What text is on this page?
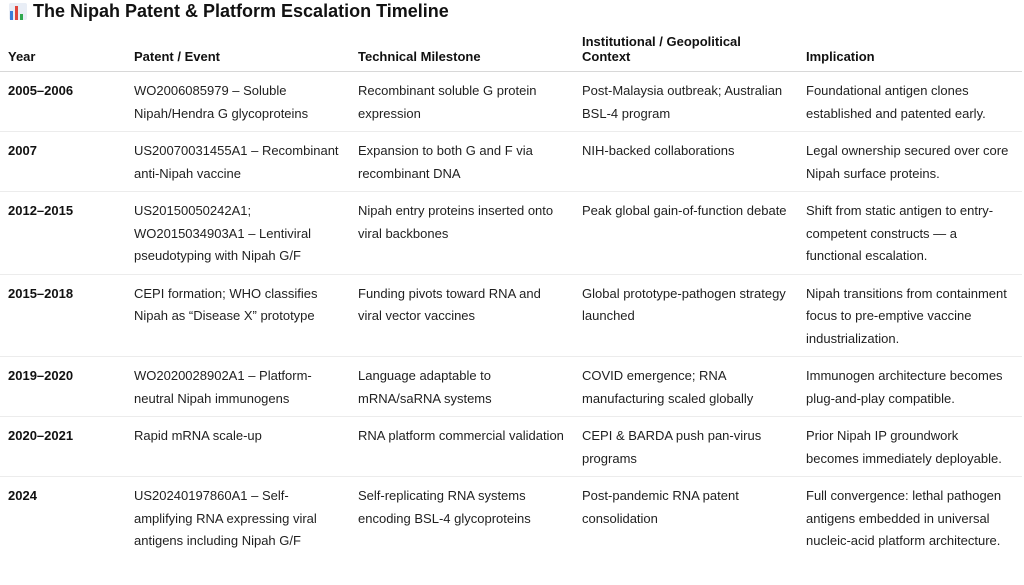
The Nipah Patent & Platform Escalation Timeline
Year	Patent / Event	Technical Milestone	Institutional / Geopolitical Context	Implication
2005–2006	WO2006085979 – Soluble Nipah/Hendra G glycoproteins	Recombinant soluble G protein expression	Post-Malaysia outbreak; Australian BSL-4 program	Foundational antigen clones established and patented early.
2007	US20070031455A1 – Recombinant anti-Nipah vaccine	Expansion to both G and F via recombinant DNA	NIH-backed collaborations	Legal ownership secured over core Nipah surface proteins.
2012–2015	US20150050242A1; WO2015034903A1 – Lentiviral pseudotyping with Nipah G/F	Nipah entry proteins inserted onto viral backbones	Peak global gain-of-function debate	Shift from static antigen to entry-competent constructs — a functional escalation.
2015–2018	CEPI formation; WHO classifies Nipah as “Disease X” prototype	Funding pivots toward RNA and viral vector vaccines	Global prototype-pathogen strategy launched	Nipah transitions from containment focus to pre-emptive vaccine industrialization.
2019–2020	WO2020028902A1 – Platform-neutral Nipah immunogens	Language adaptable to mRNA/saRNA systems	COVID emergence; RNA manufacturing scaled globally	Immunogen architecture becomes plug-and-play compatible.
2020–2021	Rapid mRNA scale-up	RNA platform commercial validation	CEPI & BARDA push pan-virus programs	Prior Nipah IP groundwork becomes immediately deployable.
2024	US20240197860A1 – Self-amplifying RNA expressing viral antigens including Nipah G/F	Self-replicating RNA systems encoding BSL-4 glycoproteins	Post-pandemic RNA patent consolidation	Full convergence: lethal pathogen antigens embedded in universal nucleic-acid platform architecture.
